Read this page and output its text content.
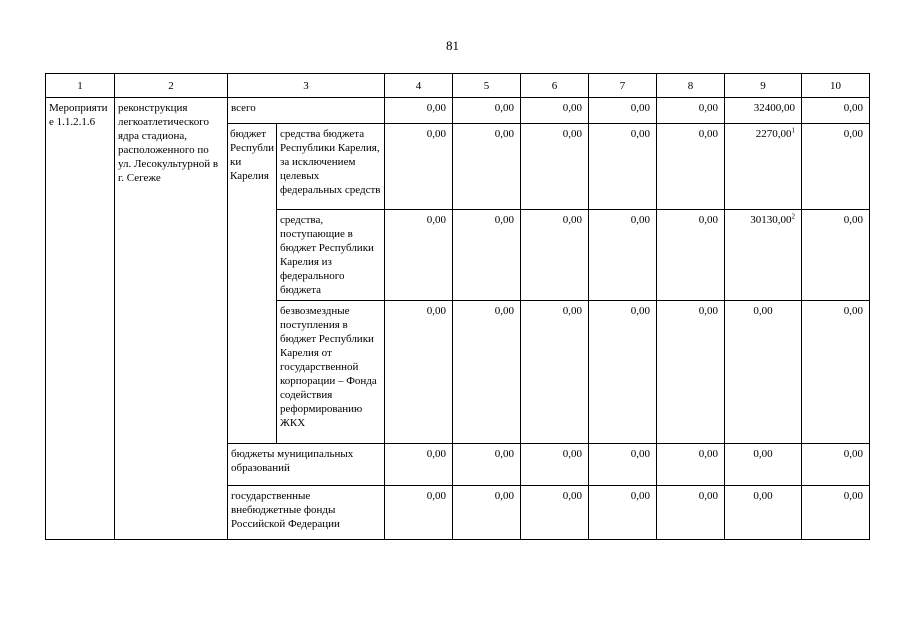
81
1	2	3		4	5	6	7	8	9	10
Мероприятие 1.1.2.1.6	реконструкция легкоатлетического ядра стадиона, расположенного по ул. Лесокультурной в г. Сегеже	всего		0,00	0,00	0,00	0,00	0,00	32400,00	0,00
		бюджет Республики Карелия	средства бюджета Республики Карелия, за исключением целевых федеральных средств	0,00	0,00	0,00	0,00	0,00	2270,00$^1$	0,00
			средства, поступающие в бюджет Республики Карелия из федерального бюджета	0,00	0,00	0,00	0,00	0,00	30130,00$^2$	0,00
			безвозмездные поступления в бюджет Республики Карелия от государственной корпорации – Фонда содействия реформированию ЖКХ	0,00	0,00	0,00	0,00	0,00	0,00	0,00
		бюджеты муниципальных образований		0,00	0,00	0,00	0,00	0,00	0,00	0,00
		государственные внебюджетные фонды Российской Федерации		0,00	0,00	0,00	0,00	0,00	0,00	0,00
